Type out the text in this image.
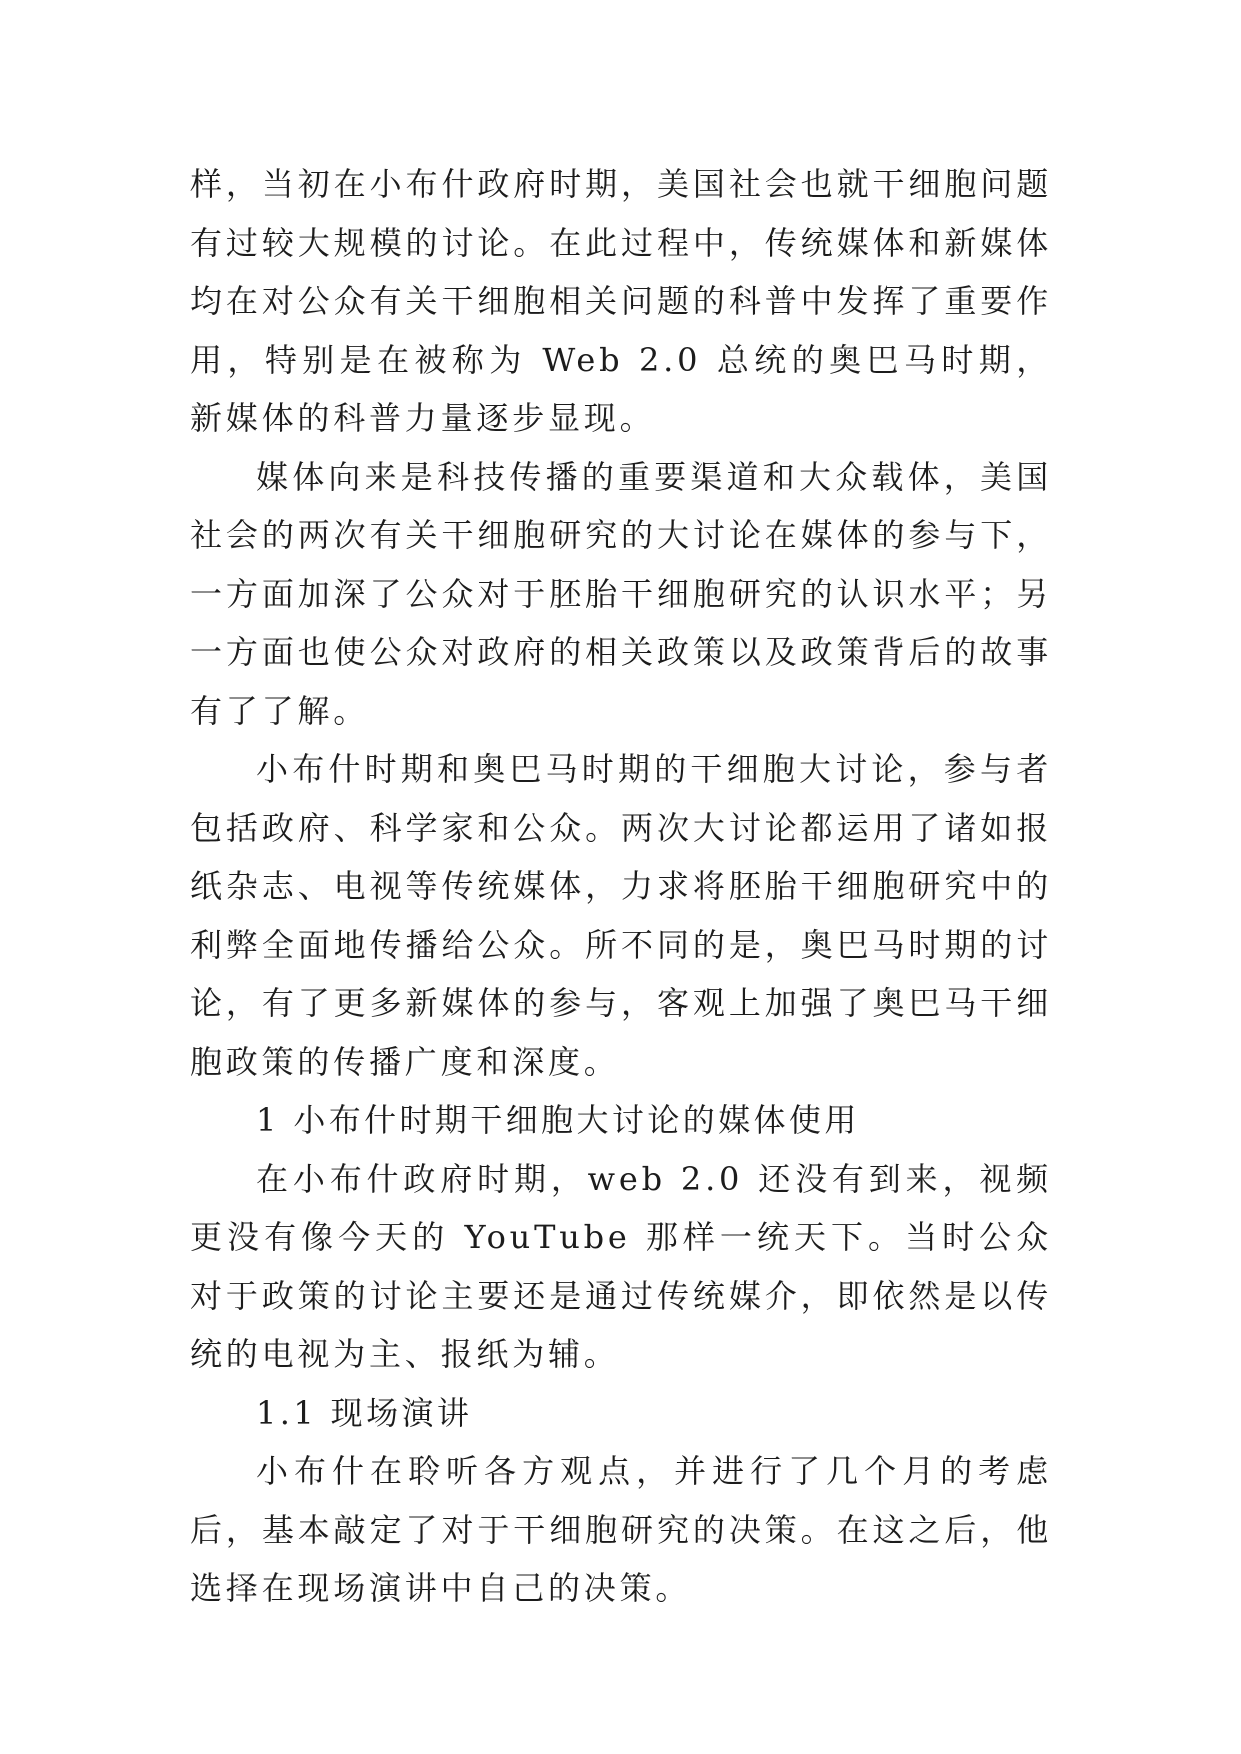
样，当初在小布什政府时期，美国社会也就干细胞问题有过较大规模的讨论。在此过程中，传统媒体和新媒体均在对公众有关干细胞相关问题的科普中发挥了重要作用，特别是在被称为 Web 2.0 总统的奥巴马时期，新媒体的科普力量逐步显现。

媒体向来是科技传播的重要渠道和大众载体，美国社会的两次有关干细胞研究的大讨论在媒体的参与下，一方面加深了公众对于胚胎干细胞研究的认识水平；另一方面也使公众对政府的相关政策以及政策背后的故事有了了解。

小布什时期和奥巴马时期的干细胞大讨论，参与者包括政府、科学家和公众。两次大讨论都运用了诸如报纸杂志、电视等传统媒体，力求将胚胎干细胞研究中的利弊全面地传播给公众。所不同的是，奥巴马时期的讨论，有了更多新媒体的参与，客观上加强了奥巴马干细胞政策的传播广度和深度。

1 小布什时期干细胞大讨论的媒体使用

在小布什政府时期，web 2.0 还没有到来，视频更没有像今天的 YouTube 那样一统天下。当时公众对于政策的讨论主要还是通过传统媒介，即依然是以传统的电视为主、报纸为辅。

1.1 现场演讲

小布什在聆听各方观点，并进行了几个月的考虑后，基本敲定了对于干细胞研究的决策。在这之后，他选择在现场演讲中自己的决策。
